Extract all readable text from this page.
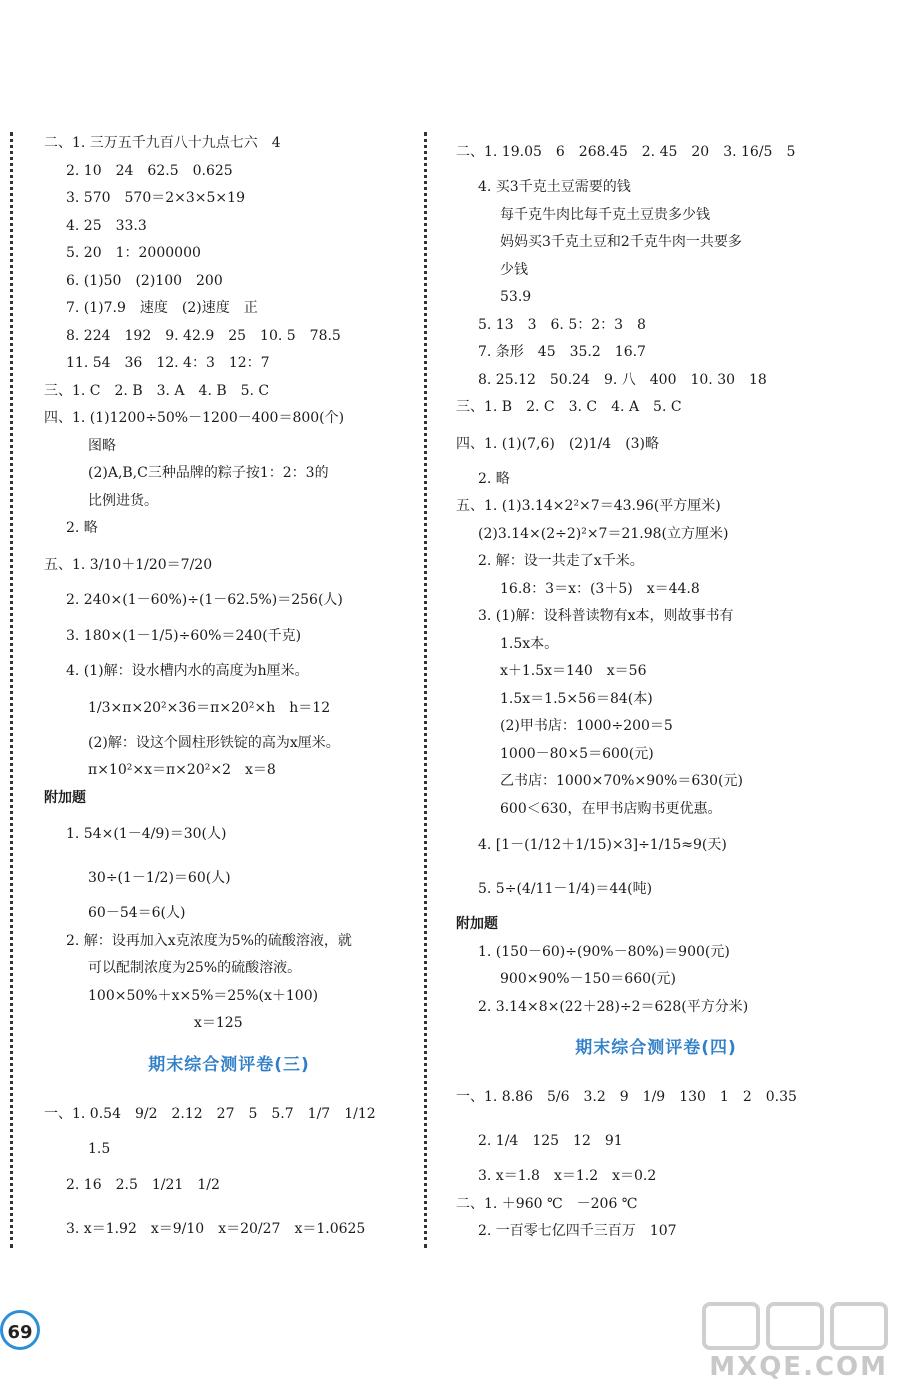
二、1. 三万五千九百八十九点七六　4
2. 10　24　62.5　0.625
3. 570　570＝2×3×5×19
4. 25　33.3
5. 20　1：2000000
6. (1)50　(2)100　200
7. (1)7.9　速度　(2)速度　正
8. 224　192　9. 42.9　25　10. 5　78.5
11. 54　36　12. 4：3　12：7
三、1. C　2. B　3. A　4. B　5. C
四、1. (1)1200÷50%－1200－400＝800(个)
图略
(2)A,B,C三种品牌的粽子按1：2：3的
比例进货。
2. 略
五、1. 3/10＋1/20＝7/20
2. 240×(1－60%)÷(1－62.5%)＝256(人)
3. 180×(1－1/5)÷60%＝240(千克)
4. (1)解：设水槽内水的高度为h厘米。
1/3×π×20²×36＝π×20²×h　h＝12
(2)解：设这个圆柱形铁锭的高为x厘米。
π×10²×x＝π×20²×2　x＝8
附加题
1. 54×(1－4/9)＝30(人)
30÷(1－1/2)＝60(人)
60－54＝6(人)
2. 解：设再加入x克浓度为5%的硫酸溶液，就
可以配制浓度为25%的硫酸溶液。
100×50%＋x×5%＝25%(x＋100)
x＝125
期末综合测评卷(三)
一、1. 0.54　9/2　2.12　27　5　5.7　1/7　1/12
1.5
2. 16　2.5　1/21　1/2
3. x＝1.92　x＝9/10　x＝20/27　x＝1.0625
二、1. 19.05　6　268.45　2. 45　20　3. 16/5　5
4. 买3千克土豆需要的钱
每千克牛肉比每千克土豆贵多少钱
妈妈买3千克土豆和2千克牛肉一共要多
少钱
53.9
5. 13　3　6. 5：2：3　8
7. 条形　45　35.2　16.7
8. 25.12　50.24　9. 八　400　10. 30　18
三、1. B　2. C　3. C　4. A　5. C
四、1. (1)(7,6)　(2)1/4　(3)略
2. 略
五、1. (1)3.14×2²×7＝43.96(平方厘米)
(2)3.14×(2÷2)²×7＝21.98(立方厘米)
2. 解：设一共走了x千米。
16.8：3＝x：(3＋5)　x＝44.8
3. (1)解：设科普读物有x本，则故事书有
1.5x本。
x＋1.5x＝140　x＝56
1.5x＝1.5×56＝84(本)
(2)甲书店：1000÷200＝5
1000－80×5＝600(元)
乙书店：1000×70%×90%＝630(元)
600＜630，在甲书店购书更优惠。
4. [1－(1/12＋1/15)×3]÷1/15≈9(天)
5. 5÷(4/11－1/4)＝44(吨)
附加题
1. (150－60)÷(90%－80%)＝900(元)
900×90%－150＝660(元)
2. 3.14×8×(22＋28)÷2＝628(平方分米)
期末综合测评卷(四)
一、1. 8.86　5/6　3.2　9　1/9　130　1　2　0.35
2. 1/4　125　12　91
3. x＝1.8　x＝1.2　x＝0.2
二、1. ＋960 ℃　－206 ℃
2. 一百零七亿四千三百万　107
69
MXQE.COM
